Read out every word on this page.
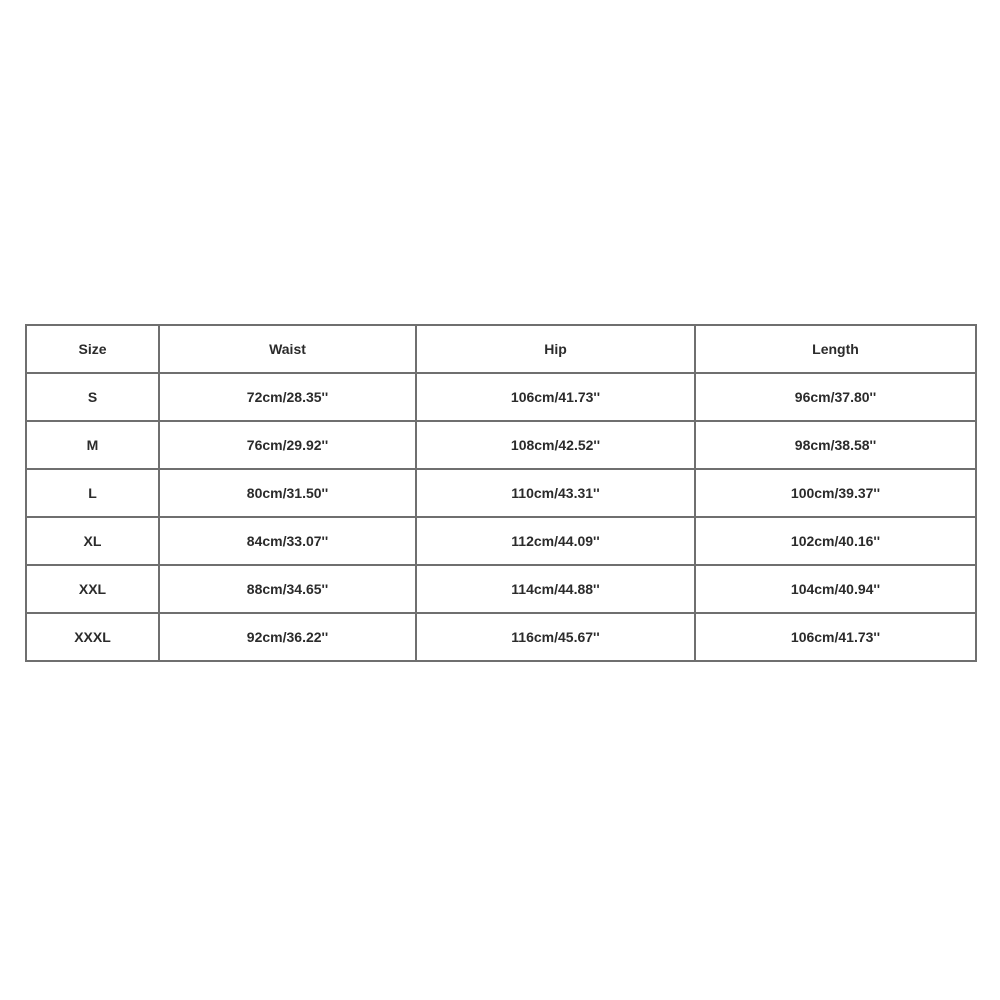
Size	Waist	Hip	Length
S	72cm/28.35''	106cm/41.73''	96cm/37.80''
M	76cm/29.92''	108cm/42.52''	98cm/38.58''
L	80cm/31.50''	110cm/43.31''	100cm/39.37''
XL	84cm/33.07''	112cm/44.09''	102cm/40.16''
XXL	88cm/34.65''	114cm/44.88''	104cm/40.94''
XXXL	92cm/36.22''	116cm/45.67''	106cm/41.73''
